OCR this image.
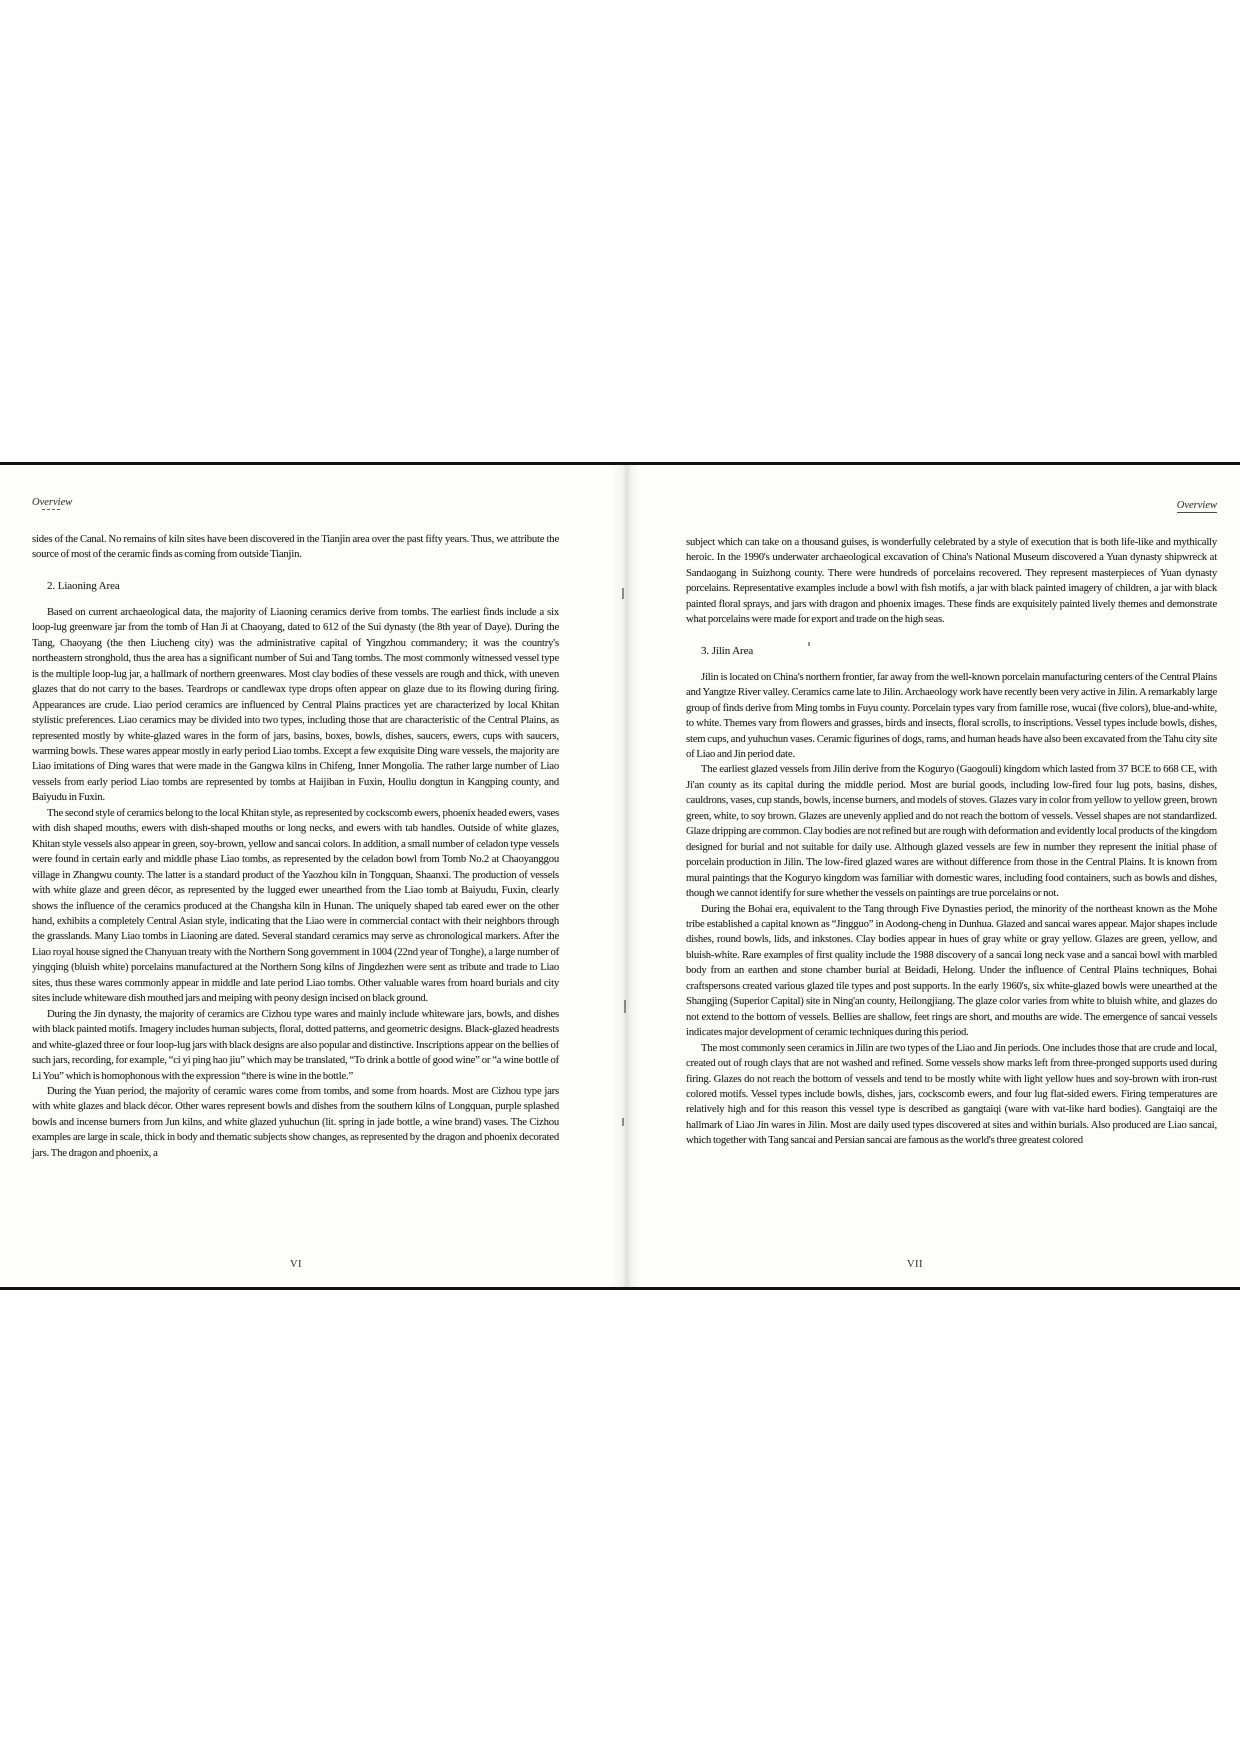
Overview

sides of the Canal. No remains of kiln sites have been discovered in the Tianjin area over the past fifty years. Thus, we attribute the source of most of the ceramic finds as coming from outside Tianjin.

2. Liaoning Area

Based on current archaeological data, the majority of Liaoning ceramics derive from tombs. The earliest finds include a six loop-lug greenware jar from the tomb of Han Ji at Chaoyang, dated to 612 of the Sui dynasty (the 8th year of Daye). During the Tang, Chaoyang (the then Liucheng city) was the administrative capital of Yingzhou commandery; it was the country's northeastern stronghold, thus the area has a significant number of Sui and Tang tombs. The most commonly witnessed vessel type is the multiple loop-lug jar, a hallmark of northern greenwares. Most clay bodies of these vessels are rough and thick, with uneven glazes that do not carry to the bases. Teardrops or candlewax type drops often appear on glaze due to its flowing during firing. Appearances are crude. Liao period ceramics are influenced by Central Plains practices yet are characterized by local Khitan stylistic preferences. Liao ceramics may be divided into two types, including those that are characteristic of the Central Plains, as represented mostly by white-glazed wares in the form of jars, basins, boxes, bowls, dishes, saucers, ewers, cups with saucers, warming bowls. These wares appear mostly in early period Liao tombs. Except a few exquisite Ding ware vessels, the majority are Liao imitations of Ding wares that were made in the Gangwa kilns in Chifeng, Inner Mongolia. The rather large number of Liao vessels from early period Liao tombs are represented by tombs at Haijiban in Fuxin, Houliu dongtun in Kangping county, and Baiyudu in Fuxin.

The second style of ceramics belong to the local Khitan style, as represented by cockscomb ewers, phoenix headed ewers, vases with dish shaped mouths, ewers with dish-shaped mouths or long necks, and ewers with tab handles. Outside of white glazes, Khitan style vessels also appear in green, soy-brown, yellow and sancai colors. In addition, a small number of celadon type vessels were found in certain early and middle phase Liao tombs, as represented by the celadon bowl from Tomb No.2 at Chaoyanggou village in Zhangwu county. The latter is a standard product of the Yaozhou kiln in Tongquan, Shaanxi. The production of vessels with white glaze and green décor, as represented by the lugged ewer unearthed from the Liao tomb at Baiyudu, Fuxin, clearly shows the influence of the ceramics produced at the Changsha kiln in Hunan. The uniquely shaped tab eared ewer on the other hand, exhibits a completely Central Asian style, indicating that the Liao were in commercial contact with their neighbors through the grasslands. Many Liao tombs in Liaoning are dated. Several standard ceramics may serve as chronological markers. After the Liao royal house signed the Chanyuan treaty with the Northern Song government in 1004 (22nd year of Tonghe), a large number of yingqing (bluish white) porcelains manufactured at the Northern Song kilns of Jingdezhen were sent as tribute and trade to Liao sites, thus these wares commonly appear in middle and late period Liao tombs. Other valuable wares from hoard burials and city sites include whiteware dish mouthed jars and meiping with peony design incised on black ground.

During the Jin dynasty, the majority of ceramics are Cizhou type wares and mainly include whiteware jars, bowls, and dishes with black painted motifs. Imagery includes human subjects, floral, dotted patterns, and geometric designs. Black-glazed headrests and white-glazed three or four loop-lug jars with black designs are also popular and distinctive. Inscriptions appear on the bellies of such jars, recording, for example, “ci yi ping hao jiu” which may be translated, “To drink a bottle of good wine” or “a wine bottle of Li You” which is homophonous with the expression “there is wine in the bottle.”

During the Yuan period, the majority of ceramic wares come from tombs, and some from hoards. Most are Cizhou type jars with white glazes and black décor. Other wares represent bowls and dishes from the southern kilns of Longquan, purple splashed bowls and incense burners from Jun kilns, and white glazed yuhuchun (lit. spring in jade bottle, a wine brand) vases. The Cizhou examples are large in scale, thick in body and thematic subjects show changes, as represented by the dragon and phoenix decorated jars. The dragon and phoenix, a

Overview

subject which can take on a thousand guises, is wonderfully celebrated by a style of execution that is both life-like and mythically heroic. In the 1990's underwater archaeological excavation of China's National Museum discovered a Yuan dynasty shipwreck at Sandaogang in Suizhong county. There were hundreds of porcelains recovered. They represent masterpieces of Yuan dynasty porcelains. Representative examples include a bowl with fish motifs, a jar with black painted imagery of children, a jar with black painted floral sprays, and jars with dragon and phoenix images. These finds are exquisitely painted lively themes and demonstrate what porcelains were made for export and trade on the high seas.

3. Jilin Area

Jilin is located on China's northern frontier, far away from the well-known porcelain manufacturing centers of the Central Plains and Yangtze River valley. Ceramics came late to Jilin. Archaeology work have recently been very active in Jilin. A remarkably large group of finds derive from Ming tombs in Fuyu county. Porcelain types vary from famille rose, wucai (five colors), blue-and-white, to white. Themes vary from flowers and grasses, birds and insects, floral scrolls, to inscriptions. Vessel types include bowls, dishes, stem cups, and yuhuchun vases. Ceramic figurines of dogs, rams, and human heads have also been excavated from the Tahu city site of Liao and Jin period date.

The earliest glazed vessels from Jilin derive from the Koguryo (Gaogouli) kingdom which lasted from 37 BCE to 668 CE, with Ji'an county as its capital during the middle period. Most are burial goods, including low-fired four lug pots, basins, dishes, cauldrons, vases, cup stands, bowls, incense burners, and models of stoves. Glazes vary in color from yellow to yellow green, brown green, white, to soy brown. Glazes are unevenly applied and do not reach the bottom of vessels. Vessel shapes are not standardized. Glaze dripping are common. Clay bodies are not refined but are rough with deformation and evidently local products of the kingdom designed for burial and not suitable for daily use. Although glazed vessels are few in number they represent the initial phase of porcelain production in Jilin. The low-fired glazed wares are without difference from those in the Central Plains. It is known from mural paintings that the Koguryo kingdom was familiar with domestic wares, including food containers, such as bowls and dishes, though we cannot identify for sure whether the vessels on paintings are true porcelains or not.

During the Bohai era, equivalent to the Tang through Five Dynasties period, the minority of the northeast known as the Mohe tribe established a capital known as “Jingguo” in Aodong-cheng in Dunhua. Glazed and sancai wares appear. Major shapes include dishes, round bowls, lids, and inkstones. Clay bodies appear in hues of gray white or gray yellow. Glazes are green, yellow, and bluish-white. Rare examples of first quality include the 1988 discovery of a sancai long neck vase and a sancai bowl with marbled body from an earthen and stone chamber burial at Beidadi, Helong. Under the influence of Central Plains techniques, Bohai craftspersons created various glazed tile types and post supports. In the early 1960's, six white-glazed bowls were unearthed at the Shangjing (Superior Capital) site in Ning'an county, Heilongjiang. The glaze color varies from white to bluish white, and glazes do not extend to the bottom of vessels. Bellies are shallow, feet rings are short, and mouths are wide. The emergence of sancai vessels indicates major development of ceramic techniques during this period.

The most commonly seen ceramics in Jilin are two types of the Liao and Jin periods. One includes those that are crude and local, created out of rough clays that are not washed and refined. Some vessels show marks left from three-pronged supports used during firing. Glazes do not reach the bottom of vessels and tend to be mostly white with light yellow hues and soy-brown with iron-rust colored motifs. Vessel types include bowls, dishes, jars, cockscomb ewers, and four lug flat-sided ewers. Firing temperatures are relatively high and for this reason this vessel type is described as gangtaiqi (ware with vat-like hard bodies). Gangtaiqi are the hallmark of Liao Jin wares in Jilin. Most are daily used types discovered at sites and within burials. Also produced are Liao sancai, which together with Tang sancai and Persian sancai are famous as the world's three greatest colored

VI	VII
